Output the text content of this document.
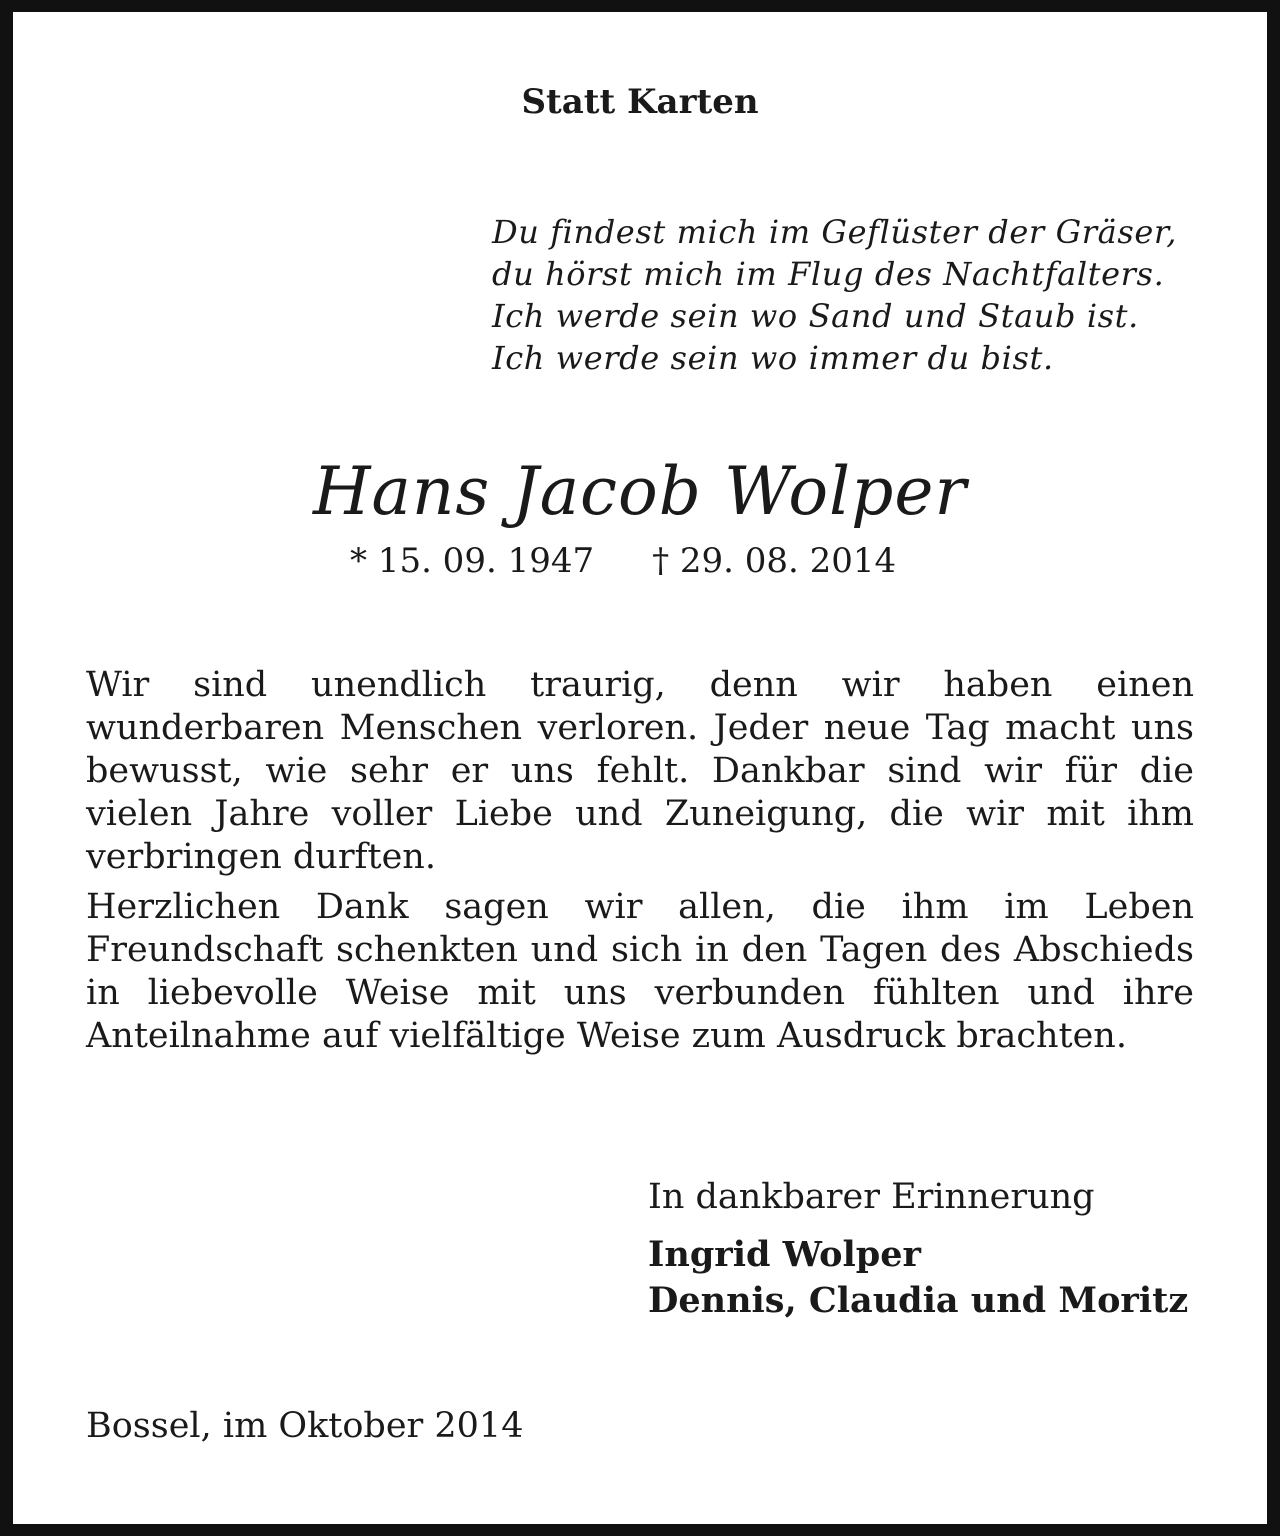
Statt Karten
Du findest mich im Geflüster der Gräser,
du hörst mich im Flug des Nachtfalters.
Ich werde sein wo Sand und Staub ist.
Ich werde sein wo immer du bist.
Hans Jacob Wolper
* 15. 09. 1947 † 29. 08. 2014

Wir sind unendlich traurig, denn wir haben einen wunderbaren Menschen verloren. Jeder neue Tag macht uns bewusst, wie sehr er uns fehlt. Dankbar sind wir für die vielen Jahre voller Liebe und Zuneigung, die wir mit ihm verbringen durften.

Herzlichen Dank sagen wir allen, die ihm im Leben Freundschaft schenkten und sich in den Tagen des Abschieds in liebevolle Weise mit uns verbunden fühlten und ihre Anteilnahme auf vielfältige Weise zum Ausdruck brachten.

In dankbarer Erinnerung
Ingrid Wolper
Dennis, Claudia und Moritz
Bossel, im Oktober 2014
